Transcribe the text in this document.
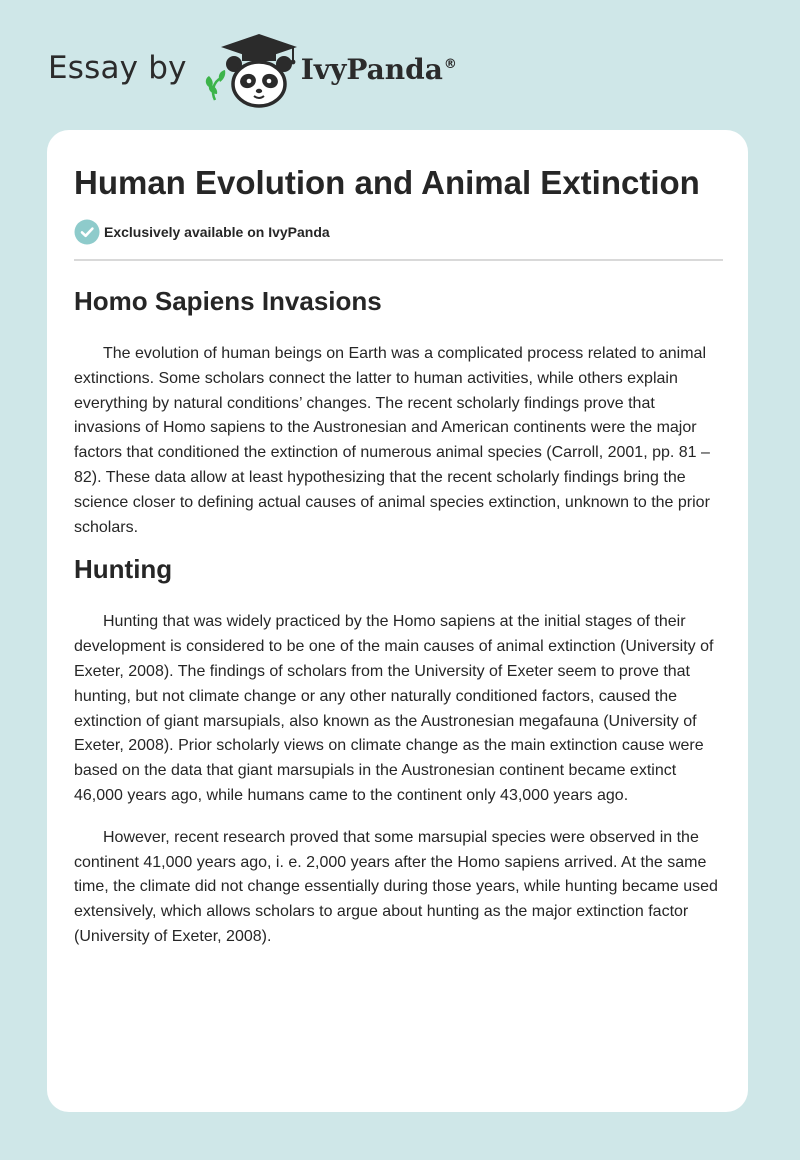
Essay by	IvyPanda®
Human Evolution and Animal Extinction
Exclusively available on IvyPanda
Homo Sapiens Invasions

The evolution of human beings on Earth was a complicated process related to animal extinctions. Some scholars connect the latter to human activities, while others explain everything by natural conditions’ changes. The recent scholarly findings prove that invasions of Homo sapiens to the Austronesian and American continents were the major factors that conditioned the extinction of numerous animal species (Carroll, 2001, pp. 81 – 82). These data allow at least hypothesizing that the recent scholarly findings bring the science closer to defining actual causes of animal species extinction, unknown to the prior scholars.

Hunting

Hunting that was widely practiced by the Homo sapiens at the initial stages of their development is considered to be one of the main causes of animal extinction (University of Exeter, 2008). The findings of scholars from the University of Exeter seem to prove that hunting, but not climate change or any other naturally conditioned factors, caused the extinction of giant marsupials, also known as the Austronesian megafauna (University of Exeter, 2008). Prior scholarly views on climate change as the main extinction cause were based on the data that giant marsupials in the Austronesian continent became extinct 46,000 years ago, while humans came to the continent only 43,000 years ago.

However, recent research proved that some marsupial species were observed in the continent 41,000 years ago, i. e. 2,000 years after the Homo sapiens arrived. At the same time, the climate did not change essentially during those years, while hunting became used extensively, which allows scholars to argue about hunting as the major extinction factor (University of Exeter, 2008).
